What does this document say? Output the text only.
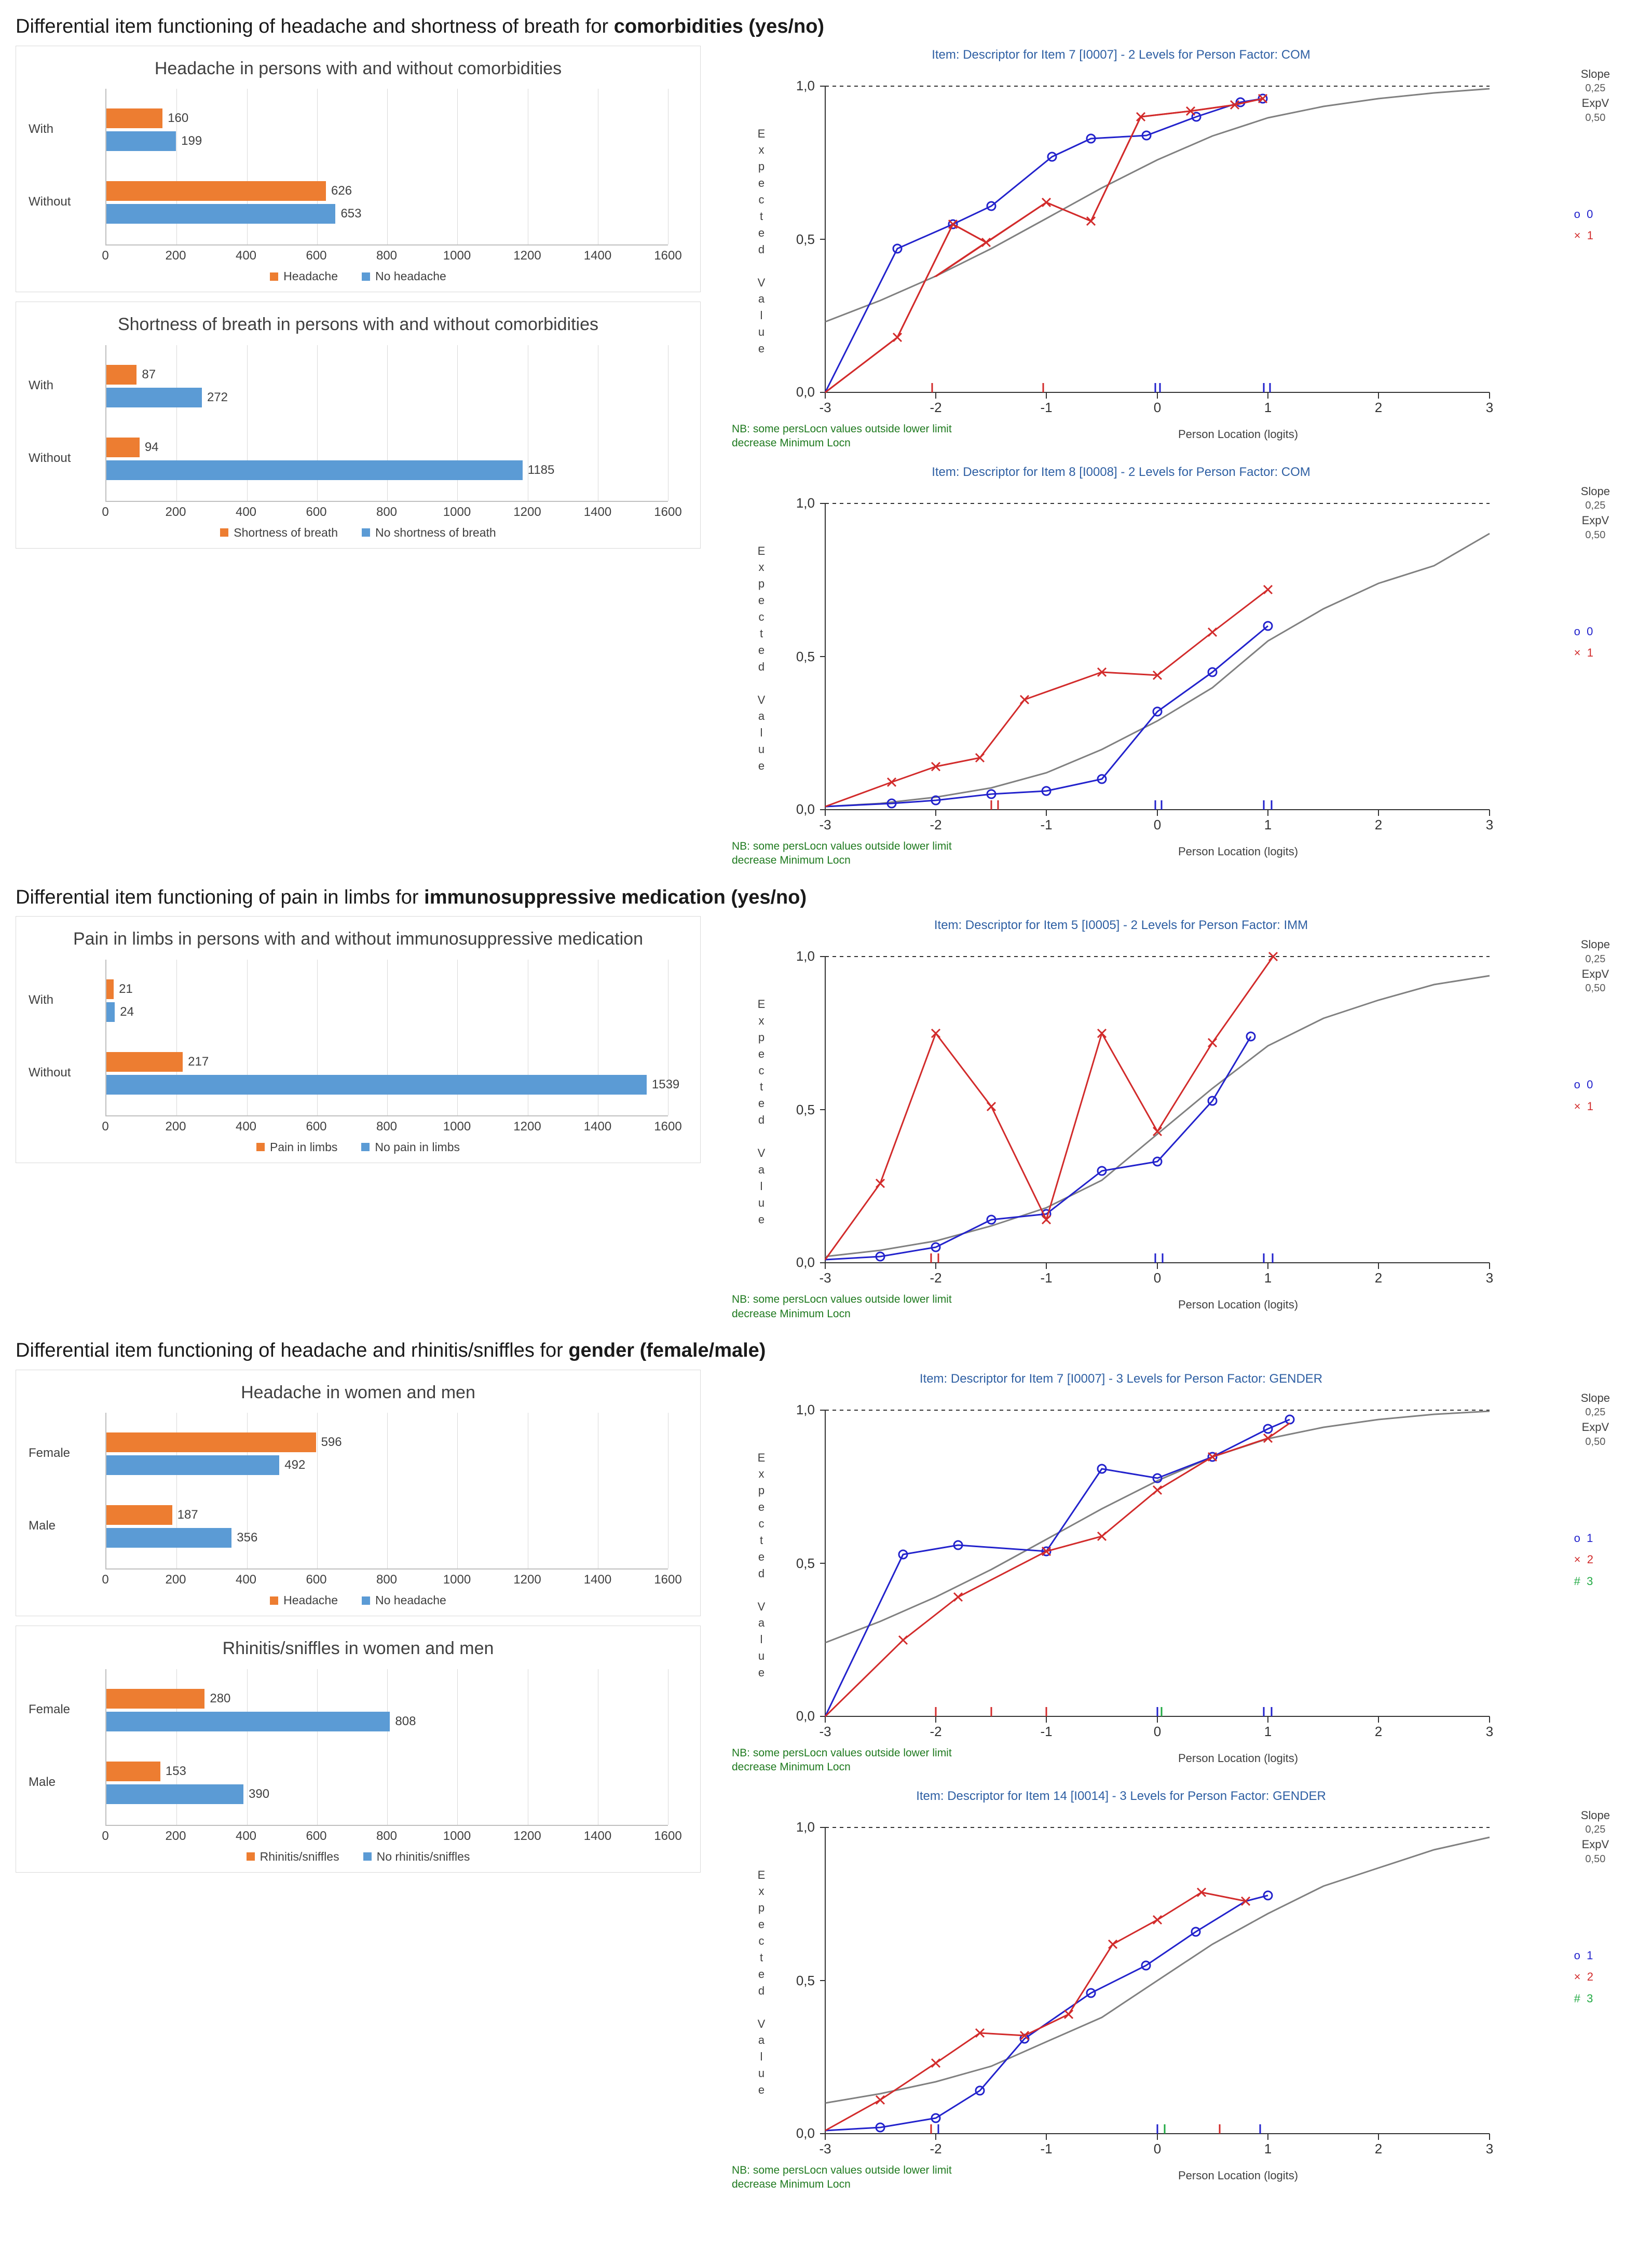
Differential item functioning of headache and shortness of breath for comorbidities (yes/no)
Headache in persons with and without comorbidities
With
160
199
Without
626
653
0	200	400	600	800	1000	1200	1400	1600
Headache	No headache
Shortness of breath in persons with and without comorbidities
With
87
272
Without
94
1185
0	200	400	600	800	1000	1200	1400	1600
Shortness of breath	No shortness of breath
Item: Descriptor for Item 7 [I0007] - 2 Levels for Person Factor: COM
Slope
0,25
ExpV
0,50
o  0
×  1
E
x
p
e
c
t
e
d

V
a
l
u
e
1,0
0,5
0,0
-3	-2	-1	0	1	2	3
NB: some persLocn values outside lower limit
decrease Minimum Locn
Person Location (logits)
Item: Descriptor for Item 8 [I0008] - 2 Levels for Person Factor: COM
Slope
0,25
ExpV
0,50
o  0
×  1
E
x
p
e
c
t
e
d

V
a
l
u
e
1,0
0,5
0,0
-3	-2	-1	0	1	2	3
NB: some persLocn values outside lower limit
decrease Minimum Locn
Person Location (logits)
Differential item functioning of pain in limbs for immunosuppressive medication (yes/no)
Pain in limbs in persons with and without immunosuppressive medication
With
21
24
Without
217
1539
0	200	400	600	800	1000	1200	1400	1600
Pain in limbs	No pain in limbs
Item: Descriptor for Item 5 [I0005] - 2 Levels for Person Factor: IMM
Slope
0,25
ExpV
0,50
o  0
×  1
E
x
p
e
c
t
e
d

V
a
l
u
e
1,0
0,5
0,0
-3	-2	-1	0	1	2	3
NB: some persLocn values outside lower limit
decrease Minimum Locn
Person Location (logits)
Differential item functioning of headache and rhinitis/sniffles for gender (female/male)
Headache in women and men
Female
596
492
Male
187
356
0	200	400	600	800	1000	1200	1400	1600
Headache	No headache
Rhinitis/sniffles in women and men
Female
280
808
Male
153
390
0	200	400	600	800	1000	1200	1400	1600
Rhinitis/sniffles	No rhinitis/sniffles
Item: Descriptor for Item 7 [I0007] - 3 Levels for Person Factor: GENDER
Slope
0,25
ExpV
0,50
o  1
×  2
#  3
E
x
p
e
c
t
e
d

V
a
l
u
e
1,0
0,5
0,0
-3	-2	-1	0	1	2	3
NB: some persLocn values outside lower limit
decrease Minimum Locn
Person Location (logits)
Item: Descriptor for Item 14 [I0014] - 3 Levels for Person Factor: GENDER
Slope
0,25
ExpV
0,50
o  1
×  2
#  3
E
x
p
e
c
t
e
d

V
a
l
u
e
1,0
0,5
0,0
-3	-2	-1	0	1	2	3
NB: some persLocn values outside lower limit
decrease Minimum Locn
Person Location (logits)
